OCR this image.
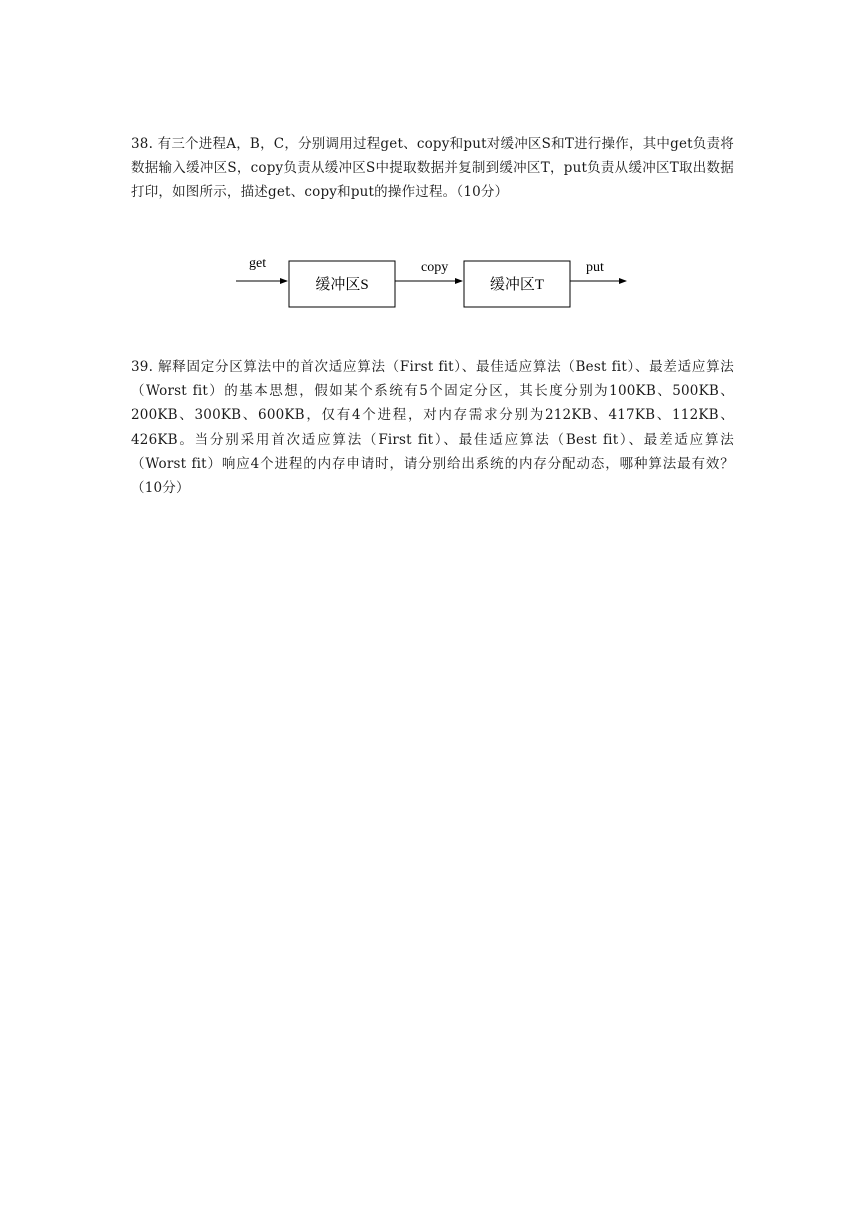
38. 有三个进程A，B，C，分别调用过程get、copy和put对缓冲区S和T进行操作，其中get负责将数据输入缓冲区S，copy负责从缓冲区S中提取数据并复制到缓冲区T，put负责从缓冲区T取出数据打印，如图所示，描述get、copy和put的操作过程。（10分）

get
缓冲区S
copy
缓冲区T
put

39. 解释固定分区算法中的首次适应算法（First fit）、最佳适应算法（Best fit）、最差适应算法（Worst fit）的基本思想，假如某个系统有5个固定分区，其长度分别为100KB、500KB、200KB、300KB、600KB，仅有4个进程，对内存需求分别为212KB、417KB、112KB、426KB。当分别采用首次适应算法（First fit）、最佳适应算法（Best fit）、最差适应算法（Worst fit）响应4个进程的内存申请时，请分别给出系统的内存分配动态，哪种算法最有效？（10分）
